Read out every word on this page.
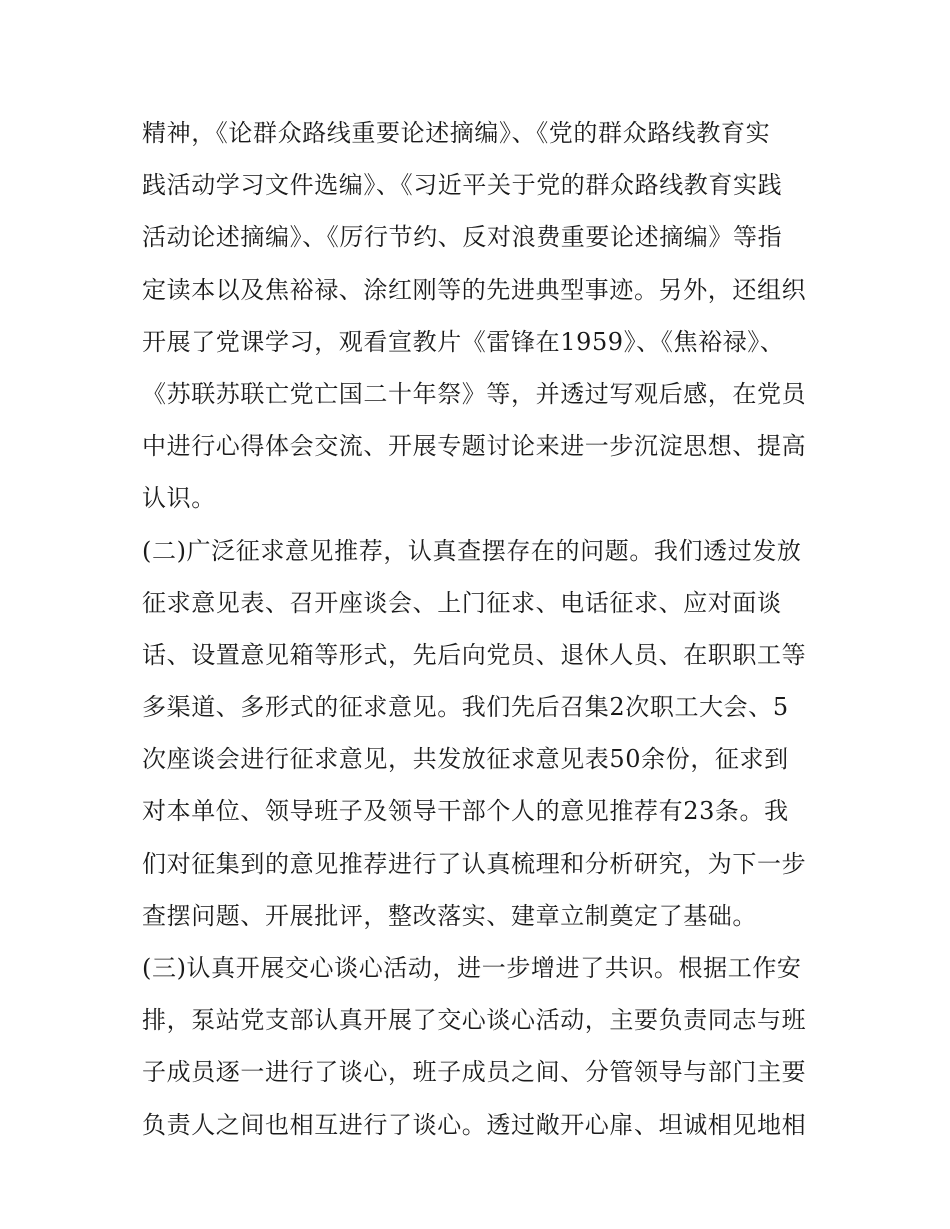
精神，《论群众路线重要论述摘编》、《党的群众路线教育实
践活动学习文件选编》、《习近平关于党的群众路线教育实践
活动论述摘编》、《厉行节约、反对浪费重要论述摘编》等指
定读本以及焦裕禄、涂红刚等的先进典型事迹。另外，还组织
开展了党课学习，观看宣教片《雷锋在1959》、《焦裕禄》、
《苏联苏联亡党亡国二十年祭》等，并透过写观后感，在党员
中进行心得体会交流、开展专题讨论来进一步沉淀思想、提高
认识。
(二)广泛征求意见推荐，认真查摆存在的问题。我们透过发放
征求意见表、召开座谈会、上门征求、电话征求、应对面谈
话、设置意见箱等形式，先后向党员、退休人员、在职职工等
多渠道、多形式的征求意见。我们先后召集2次职工大会、5
次座谈会进行征求意见，共发放征求意见表50余份，征求到
对本单位、领导班子及领导干部个人的意见推荐有23条。我
们对征集到的意见推荐进行了认真梳理和分析研究，为下一步
查摆问题、开展批评，整改落实、建章立制奠定了基础。
(三)认真开展交心谈心活动，进一步增进了共识。根据工作安
排，泵站党支部认真开展了交心谈心活动，主要负责同志与班
子成员逐一进行了谈心，班子成员之间、分管领导与部门主要
负责人之间也相互进行了谈心。透过敞开心扉、坦诚相见地相
